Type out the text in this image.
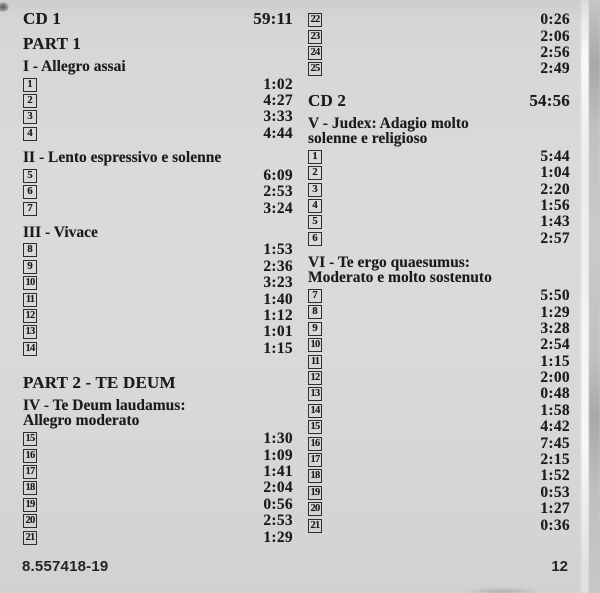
CD 1	59:11
PART 1
I - Allegro assai
1	1:02
2	4:27
3	3:33
4	4:44
II - Lento espressivo e solenne
5	6:09
6	2:53
7	3:24
III - Vivace
8	1:53
9	2:36
10	3:23
11	1:40
12	1:12
13	1:01
14	1:15
PART 2 - TE DEUM
IV - Te Deum laudamus:
Allegro moderato
15	1:30
16	1:09
17	1:41
18	2:04
19	0:56
20	2:53
21	1:29
22	0:26
23	2:06
24	2:56
25	2:49
CD 2	54:56
V - Judex: Adagio molto
solenne e religioso
1	5:44
2	1:04
3	2:20
4	1:56
5	1:43
6	2:57
VI - Te ergo quaesumus:
Moderato e molto sostenuto
7	5:50
8	1:29
9	3:28
10	2:54
11	1:15
12	2:00
13	0:48
14	1:58
15	4:42
16	7:45
17	2:15
18	1:52
19	0:53
20	1:27
21	0:36
8.557418-19	12
